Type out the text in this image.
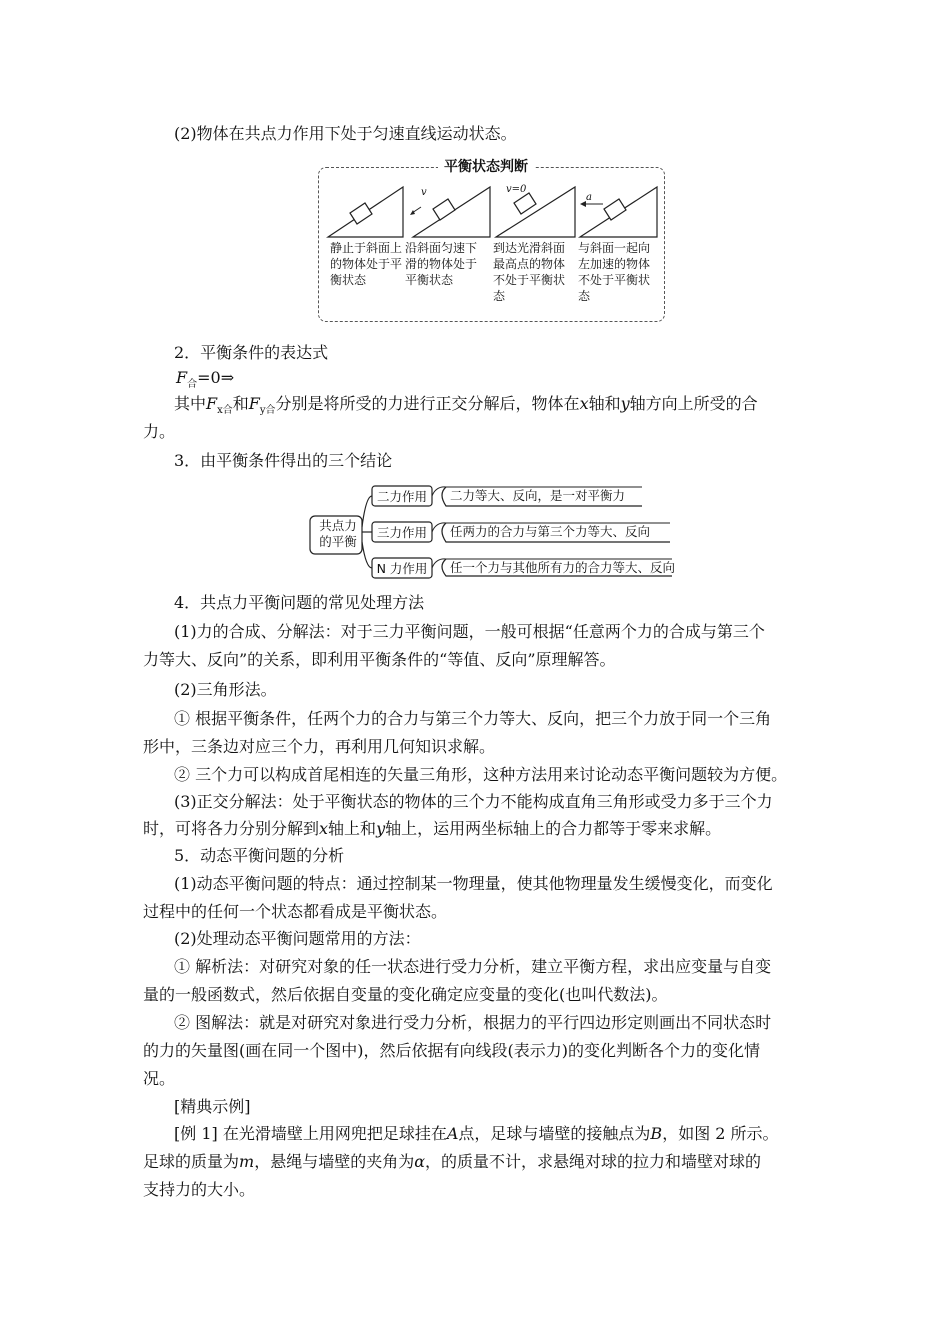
(2)物体在共点力作用下处于匀速直线运动状态。
平衡状态判断
v	v=0
a
静止于斜面上的物体处于平衡状态
沿斜面匀速下滑的物体处于平衡状态
到达光滑斜面最高点的物体不处于平衡状态
与斜面一起向左加速的物体不处于平衡状态
2．平衡条件的表达式
$F_合=0\Rightarrow$
其中$F_{x合}$和$F_{y合}$分别是将所受的力进行正交分解后，物体在x轴和y轴方向上所受的合
力。
3．由平衡条件得出的三个结论
共点力
的平衡
二力作用
三力作用
N 力作用
二力等大、反向，是一对平衡力
任两力的合力与第三个力等大、反向
任一个力与其他所有力的合力等大、反向
4．共点力平衡问题的常见处理方法
(1)力的合成、分解法：对于三力平衡问题，一般可根据“任意两个力的合成与第三个
力等大、反向”的关系，即利用平衡条件的“等值、反向”原理解答。
(2)三角形法。
① 根据平衡条件，任两个力的合力与第三个力等大、反向，把三个力放于同一个三角
形中，三条边对应三个力，再利用几何知识求解。
② 三个力可以构成首尾相连的矢量三角形，这种方法用来讨论动态平衡问题较为方便。
(3)正交分解法：处于平衡状态的物体的三个力不能构成直角三角形或受力多于三个力
时，可将各力分别分解到x轴上和y轴上，运用两坐标轴上的合力都等于零来求解。
5．动态平衡问题的分析
(1)动态平衡问题的特点：通过控制某一物理量，使其他物理量发生缓慢变化，而变化
过程中的任何一个状态都看成是平衡状态。
(2)处理动态平衡问题常用的方法：
① 解析法：对研究对象的任一状态进行受力分析，建立平衡方程，求出应变量与自变
量的一般函数式，然后依据自变量的变化确定应变量的变化(也叫代数法)。
② 图解法：就是对研究对象进行受力分析，根据力的平行四边形定则画出不同状态时
的力的矢量图(画在同一个图中)，然后依据有向线段(表示力)的变化判断各个力的变化情
况。
[精典示例]
[例 1] 在光滑墙壁上用网兜把足球挂在A点，足球与墙壁的接触点为B，如图 2 所示。
足球的质量为m，悬绳与墙壁的夹角为α，的质量不计，求悬绳对球的拉力和墙壁对球的
支持力的大小。
